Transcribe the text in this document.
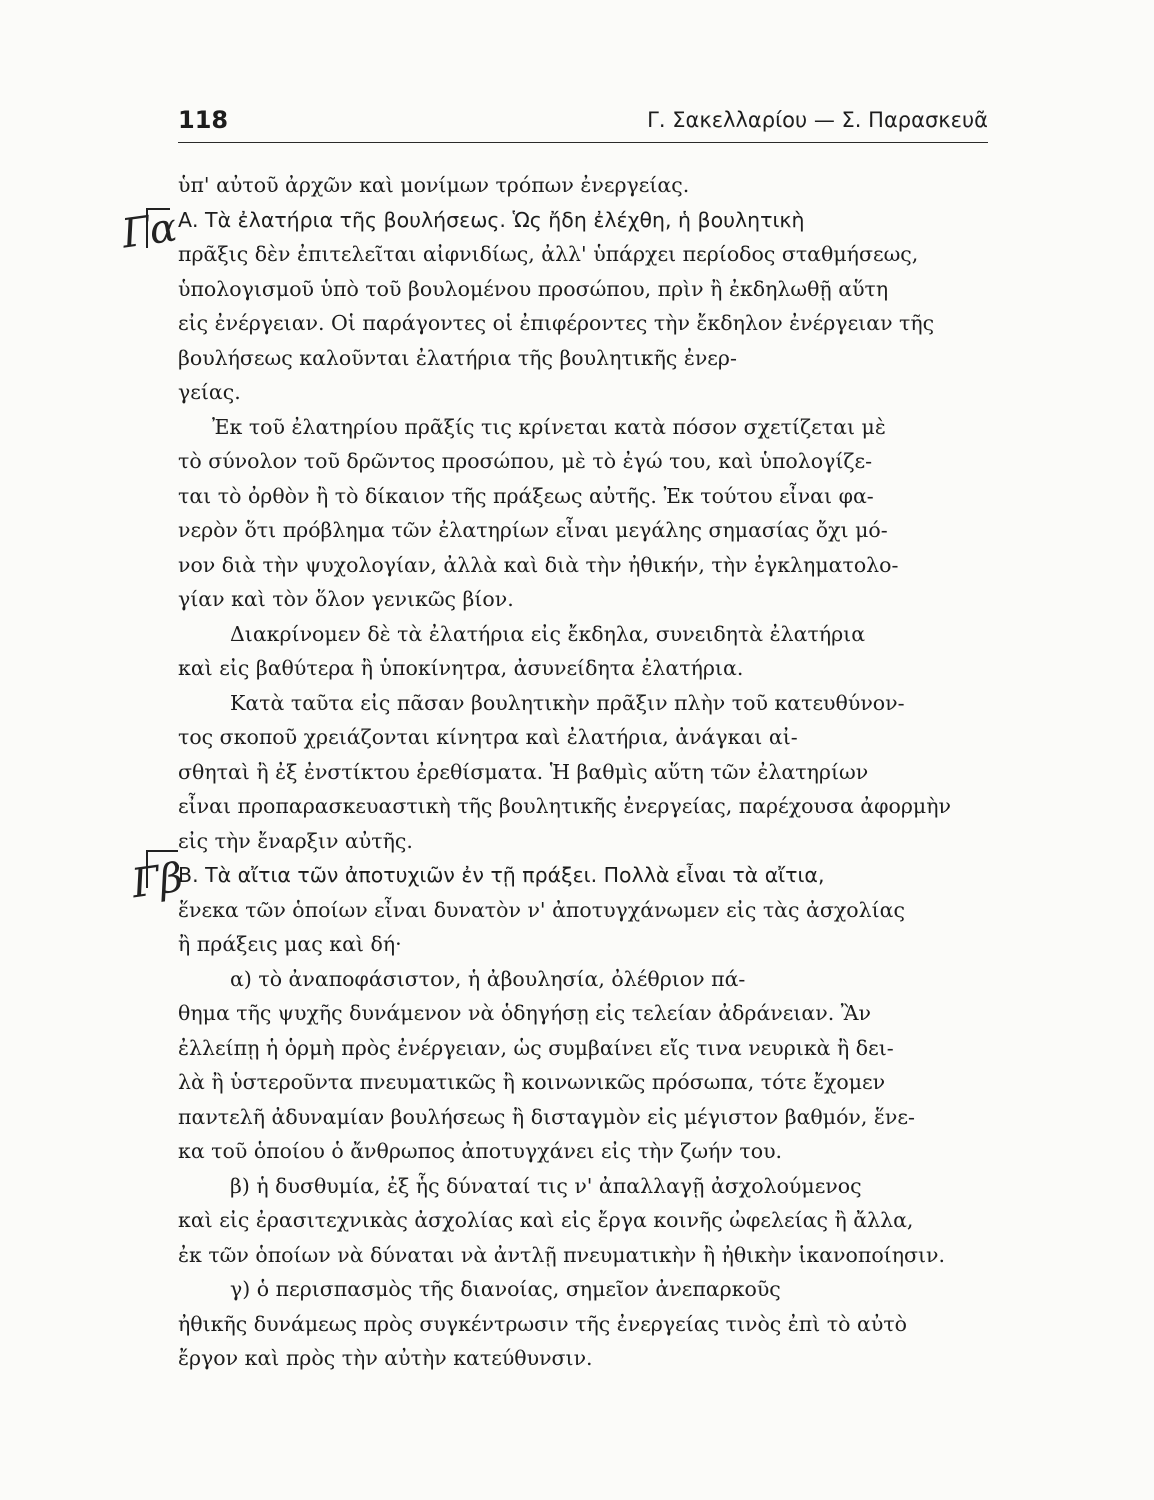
118	Γ. Σακελλαρίου — Σ. Παρασκευᾶ
Γα
Γβ
ὑπ' αὐτοῦ ἀρχῶν καὶ μονίμων τρόπων ἐνεργείας.
Α. Τὰ ἐλατήρια τῆς βουλήσεως. Ὡς ἤδη ἐλέχθη, ἡ βουλητικὴ
πρᾶξις δὲν ἐπιτελεῖται αἰφνιδίως, ἀλλ' ὑπάρχει περίοδος σταθμήσεως,
ὑπολογισμοῦ ὑπὸ τοῦ βουλομένου προσώπου, πρὶν ἢ ἐκδηλωθῇ αὕτη
εἰς ἐνέργειαν. Οἱ παράγοντες οἱ ἐπιφέροντες τὴν ἔκδηλον ἐνέργειαν τῆς
βουλήσεως καλοῦνται ἐλατήρια τῆς βουλητικῆς ἐνερ-
γείας.
Ἐκ τοῦ ἐλατηρίου πρᾶξίς τις κρίνεται κατὰ πόσον σχετίζεται μὲ
τὸ σύνολον τοῦ δρῶντος προσώπου, μὲ τὸ ἐγώ του, καὶ ὑπολογίζε-
ται τὸ ὀρθὸν ἢ τὸ δίκαιον τῆς πράξεως αὐτῆς. Ἐκ τούτου εἶναι φα-
νερὸν ὅτι πρόβλημα τῶν ἐλατηρίων εἶναι μεγάλης σημασίας ὄχι μό-
νον διὰ τὴν ψυχολογίαν, ἀλλὰ καὶ διὰ τὴν ἠθικήν, τὴν ἐγκληματολο-
γίαν καὶ τὸν ὅλον γενικῶς βίον.
Διακρίνομεν δὲ τὰ ἐλατήρια εἰς ἔκδηλα, συνειδητὰ ἐλατήρια
καὶ εἰς βαθύτερα ἢ ὑποκίνητρα, ἀσυνείδητα ἐλατήρια.
Κατὰ ταῦτα εἰς πᾶσαν βουλητικὴν πρᾶξιν πλὴν τοῦ κατευθύνον-
τος σκοποῦ χρειάζονται κίνητρα καὶ ἐλατήρια, ἀνάγκαι αἰ-
σθηταὶ ἢ ἐξ ἐνστίκτου ἐρεθίσματα. Ἡ βαθμὶς αὕτη τῶν ἐλατηρίων
εἶναι προπαρασκευαστικὴ τῆς βουλητικῆς ἐνεργείας, παρέχουσα ἀφορμὴν
εἰς τὴν ἔναρξιν αὐτῆς.
Β. Τὰ αἴτια τῶν ἀποτυχιῶν ἐν τῇ πράξει. Πολλὰ εἶναι τὰ αἴτια,
ἕνεκα τῶν ὁποίων εἶναι δυνατὸν ν' ἀποτυγχάνωμεν εἰς τὰς ἀσχολίας
ἢ πράξεις μας καὶ δή·
α) τὸ ἀναποφάσιστον, ἡ ἀβουλησία, ὀλέθριον πά-
θημα τῆς ψυχῆς δυνάμενον νὰ ὁδηγήσῃ εἰς τελείαν ἀδράνειαν. Ἂν
ἐλλείπῃ ἡ ὁρμὴ πρὸς ἐνέργειαν, ὡς συμβαίνει εἴς τινα νευρικὰ ἢ δει-
λὰ ἢ ὑστεροῦντα πνευματικῶς ἢ κοινωνικῶς πρόσωπα, τότε ἔχομεν
παντελῆ ἀδυναμίαν βουλήσεως ἢ δισταγμὸν εἰς μέγιστον βαθμόν, ἕνε-
κα τοῦ ὁποίου ὁ ἄνθρωπος ἀποτυγχάνει εἰς τὴν ζωήν του.
β) ἡ δυσθυμία, ἐξ ἧς δύναταί τις ν' ἀπαλλαγῇ ἀσχολούμενος
καὶ εἰς ἐρασιτεχνικὰς ἀσχολίας καὶ εἰς ἔργα κοινῆς ὠφελείας ἢ ἄλλα,
ἐκ τῶν ὁποίων νὰ δύναται νὰ ἀντλῇ πνευματικὴν ἢ ἠθικὴν ἱκανοποίησιν.
γ) ὁ περισπασμὸς τῆς διανοίας, σημεῖον ἀνεπαρκοῦς
ἠθικῆς δυνάμεως πρὸς συγκέντρωσιν τῆς ἐνεργείας τινὸς ἐπὶ τὸ αὐτὸ
ἔργον καὶ πρὸς τὴν αὐτὴν κατεύθυνσιν.
